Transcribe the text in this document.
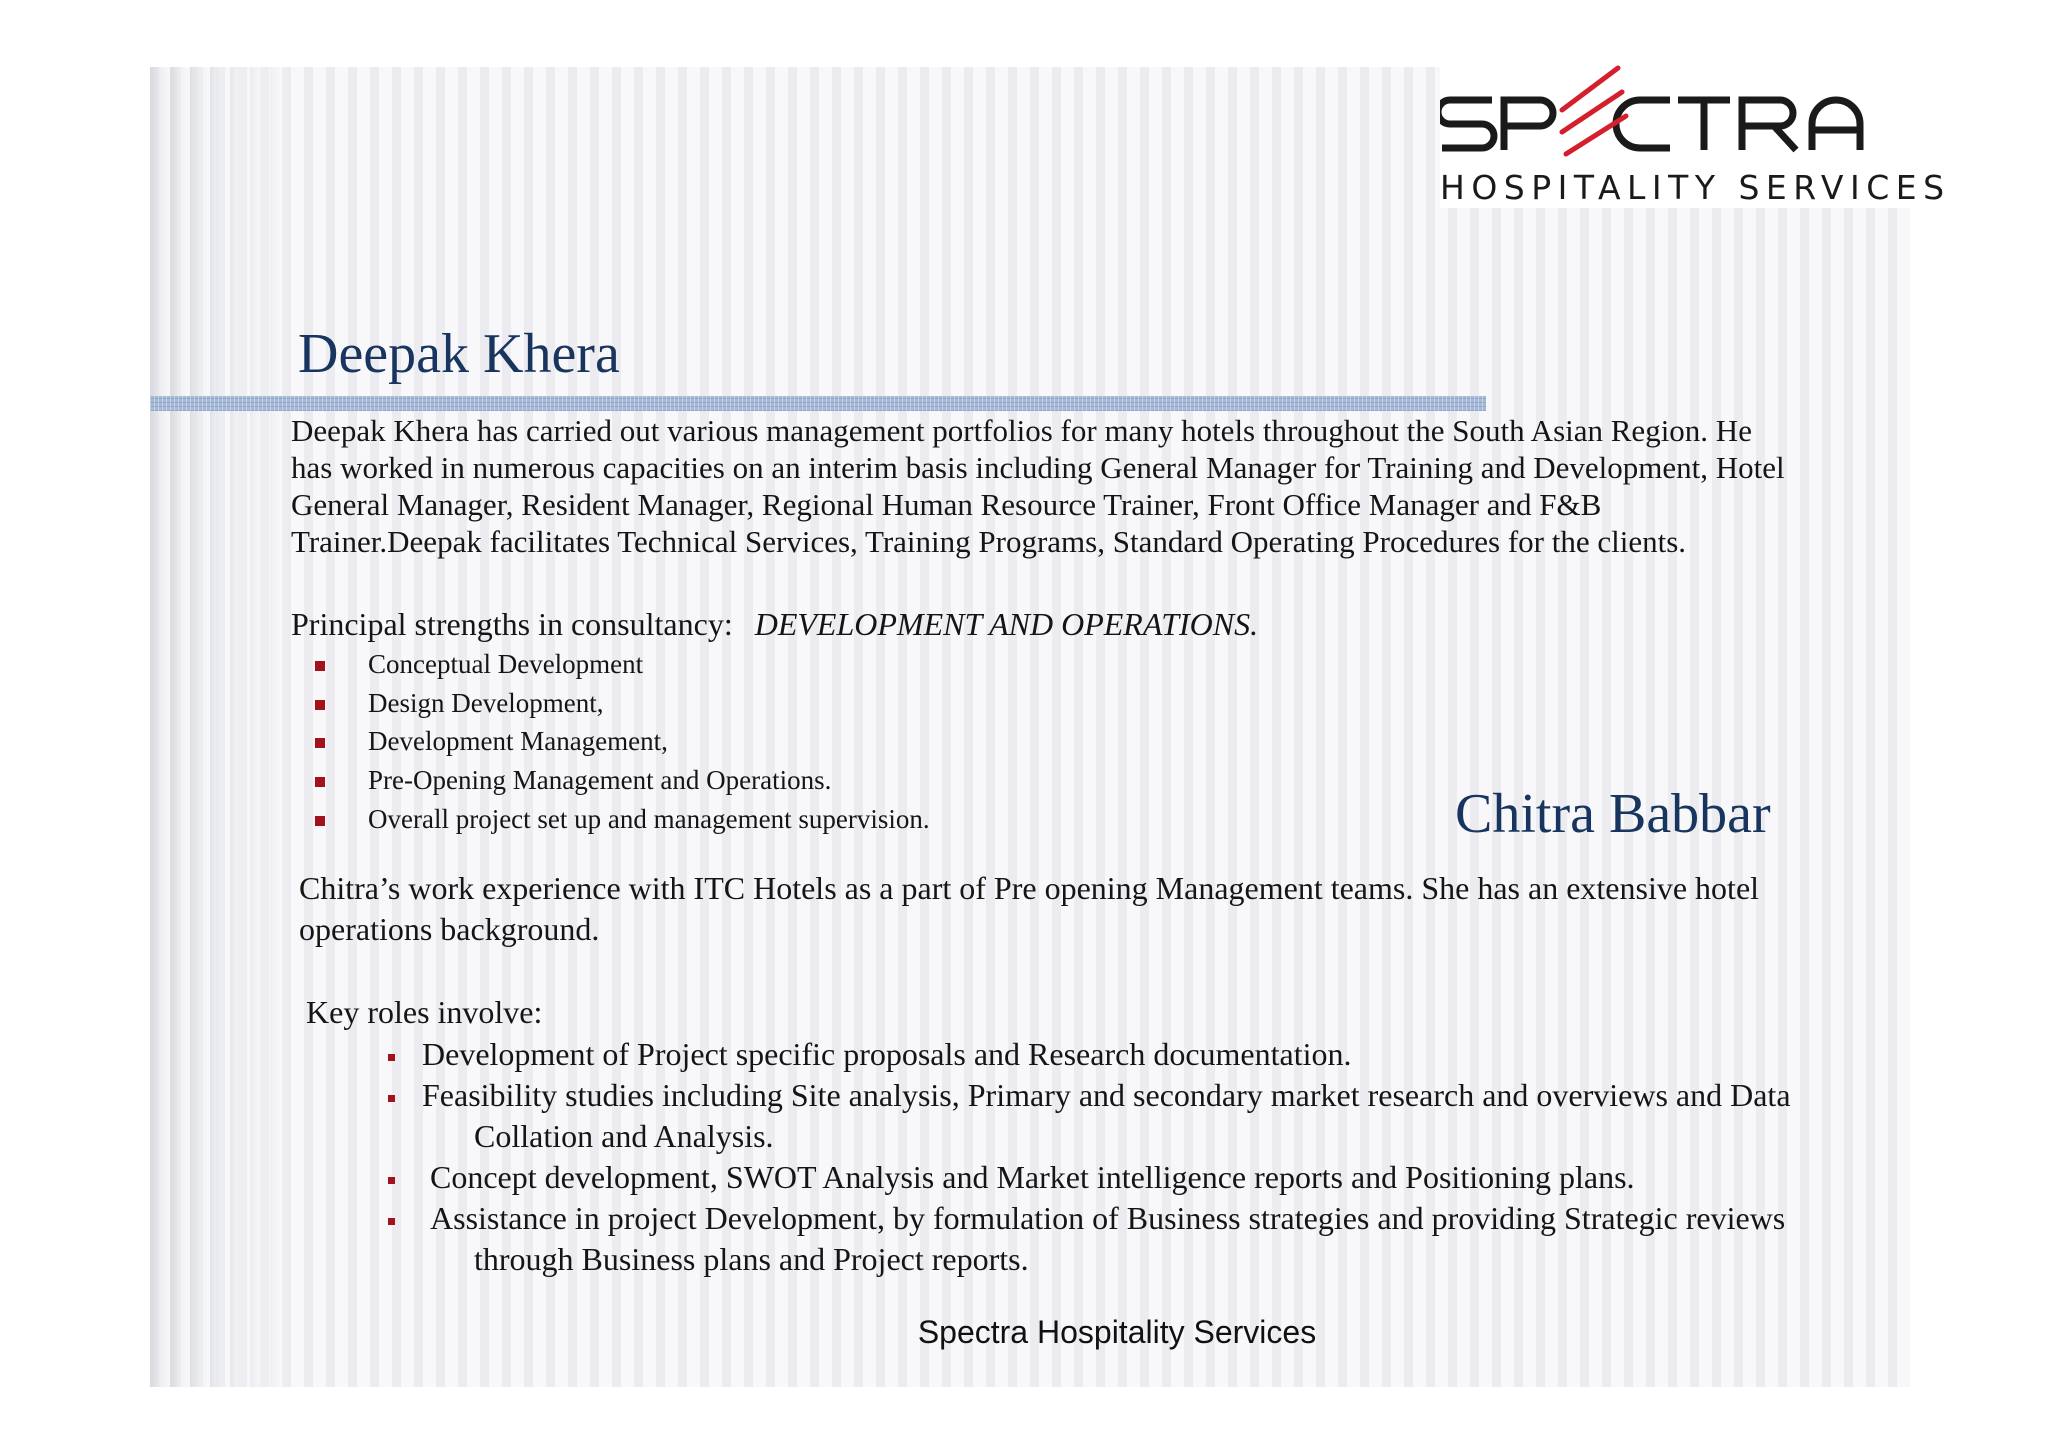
HOSPITALITY SERVICES
Deepak Khera

Deepak Khera has carried out various management portfolios for many hotels throughout the South Asian Region. He has worked in numerous capacities on an interim basis including General Manager for Training and Development, Hotel General Manager, Resident Manager, Regional Human Resource Trainer, Front Office Manager and F&B Trainer.Deepak facilitates Technical Services, Training Programs, Standard Operating Procedures for the clients.

Principal strengths in consultancy: DEVELOPMENT AND OPERATIONS.

Conceptual Development
Design Development,
Development Management,
Pre-Opening Management and Operations.
Overall project set up and management supervision.	Chitra Babbar

Chitra’s work experience with ITC Hotels as a part of Pre opening Management teams. She has an extensive hotel operations background.

Key roles involve:

Development of Project specific proposals and Research documentation.
Feasibility studies including Site analysis, Primary and secondary market research and overviews and Data
Collation and Analysis.
Concept development, SWOT Analysis and Market intelligence reports and Positioning plans.
Assistance in project Development, by formulation of Business strategies and providing Strategic reviews
through Business plans and Project reports.
Spectra Hospitality Services
